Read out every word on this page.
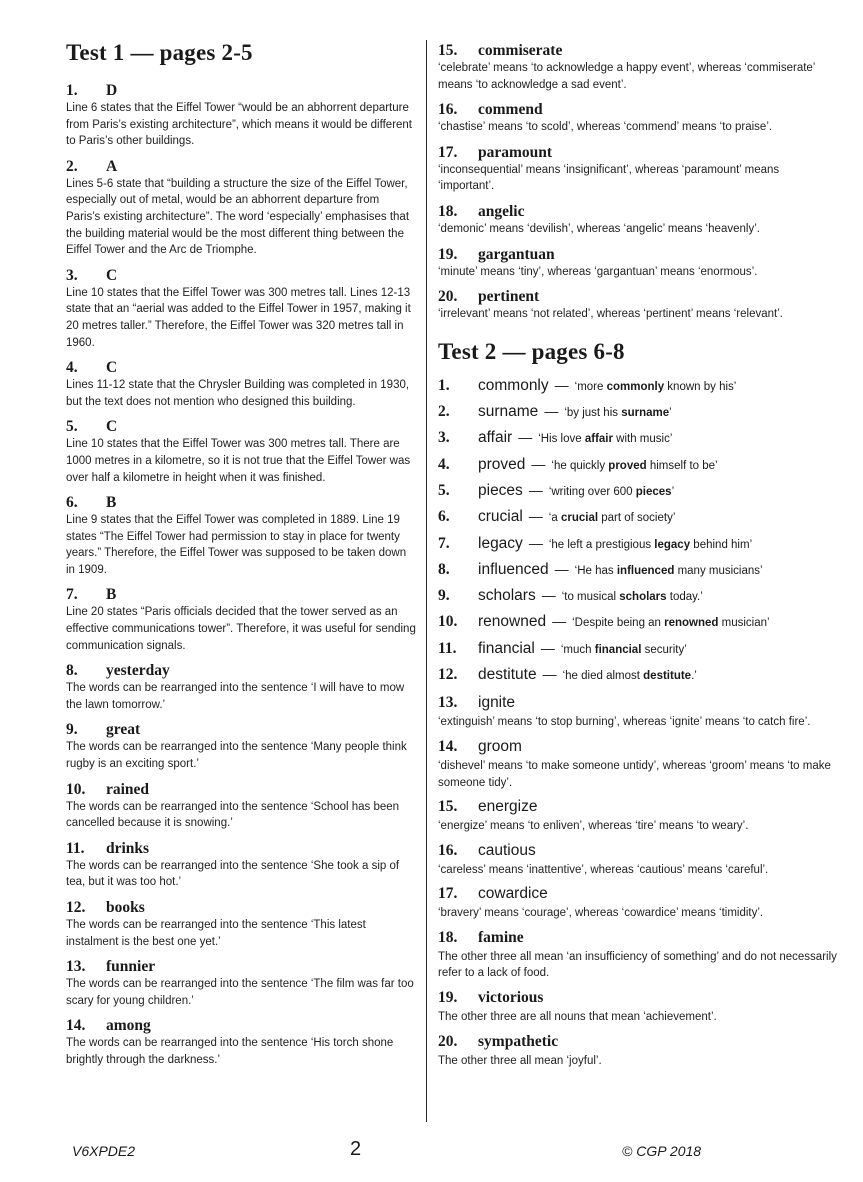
Test 1 — pages 2-5
1. D
Line 6 states that the Eiffel Tower “would be an abhorrent departure from Paris’s existing architecture”, which means it would be different to Paris’s other buildings.
2. A
Lines 5-6 state that “building a structure the size of the Eiffel Tower, especially out of metal, would be an abhorrent departure from Paris’s existing architecture”. The word ‘especially’ emphasises that the building material would be the most different thing between the Eiffel Tower and the Arc de Triomphe.
3. C
Line 10 states that the Eiffel Tower was 300 metres tall. Lines 12-13 state that an “aerial was added to the Eiffel Tower in 1957, making it 20 metres taller.” Therefore, the Eiffel Tower was 320 metres tall in 1960.
4. C
Lines 11-12 state that the Chrysler Building was completed in 1930, but the text does not mention who designed this building.
5. C
Line 10 states that the Eiffel Tower was 300 metres tall. There are 1000 metres in a kilometre, so it is not true that the Eiffel Tower was over half a kilometre in height when it was finished.
6. B
Line 9 states that the Eiffel Tower was completed in 1889. Line 19 states “The Eiffel Tower had permission to stay in place for twenty years.” Therefore, the Eiffel Tower was supposed to be taken down in 1909.
7. B
Line 20 states “Paris officials decided that the tower served as an effective communications tower”. Therefore, it was useful for sending communication signals.
8. yesterday
The words can be rearranged into the sentence ‘I will have to mow the lawn tomorrow.’
9. great
The words can be rearranged into the sentence ‘Many people think rugby is an exciting sport.’
10. rained
The words can be rearranged into the sentence ‘School has been cancelled because it is snowing.’
11. drinks
The words can be rearranged into the sentence ‘She took a sip of tea, but it was too hot.’
12. books
The words can be rearranged into the sentence ‘This latest instalment is the best one yet.’
13. funnier
The words can be rearranged into the sentence ‘The film was far too scary for young children.’
14. among
The words can be rearranged into the sentence ‘His torch shone brightly through the darkness.’
15. commiserate
‘celebrate’ means ‘to acknowledge a happy event’, whereas ‘commiserate’ means ‘to acknowledge a sad event’.
16. commend
‘chastise’ means ‘to scold’, whereas ‘commend’ means ‘to praise’.
17. paramount
‘inconsequential’ means ‘insignificant’, whereas ‘paramount’ means ‘important’.
18. angelic
‘demonic’ means ‘devilish’, whereas ‘angelic’ means ‘heavenly’.
19. gargantuan
‘minute’ means ‘tiny’, whereas ‘gargantuan’ means ‘enormous’.
20. pertinent
‘irrelevant’ means ‘not related’, whereas ‘pertinent’ means ‘relevant’.
Test 2 — pages 6-8
1.	commonly — ‘more commonly known by his’
2.	surname — ‘by just his surname’
3.	affair — ‘His love affair with music’
4.	proved — ‘he quickly proved himself to be’
5.	pieces — ‘writing over 600 pieces’
6.	crucial — ‘a crucial part of society’
7.	legacy — ‘he left a prestigious legacy behind him’
8.	influenced — ‘He has influenced many musicians’
9.	scholars — ‘to musical scholars today.’
10.	renowned — ‘Despite being an renowned musician’
11.	financial — ‘much financial security’
12.	destitute — ‘he died almost destitute.’
13.	ignite
‘extinguish’ means ‘to stop burning’, whereas ‘ignite’ means ‘to catch fire’.
14.	groom
‘dishevel’ means ‘to make someone untidy’, whereas ‘groom’ means ‘to make someone tidy’.
15.	energize
‘energize’ means ‘to enliven’, whereas ‘tire’ means ‘to weary’.
16.	cautious
‘careless’ means ‘inattentive’, whereas ‘cautious’ means ‘careful’.
17.	cowardice
‘bravery’ means ‘courage’, whereas ‘cowardice’ means ‘timidity’.
18.	famine
The other three all mean ‘an insufficiency of something’ and do not necessarily refer to a lack of food.
19.	victorious
The other three are all nouns that mean ‘achievement’.
20.	sympathetic
The other three all mean ‘joyful’.
V6XPDE2	2	© CGP 2018
